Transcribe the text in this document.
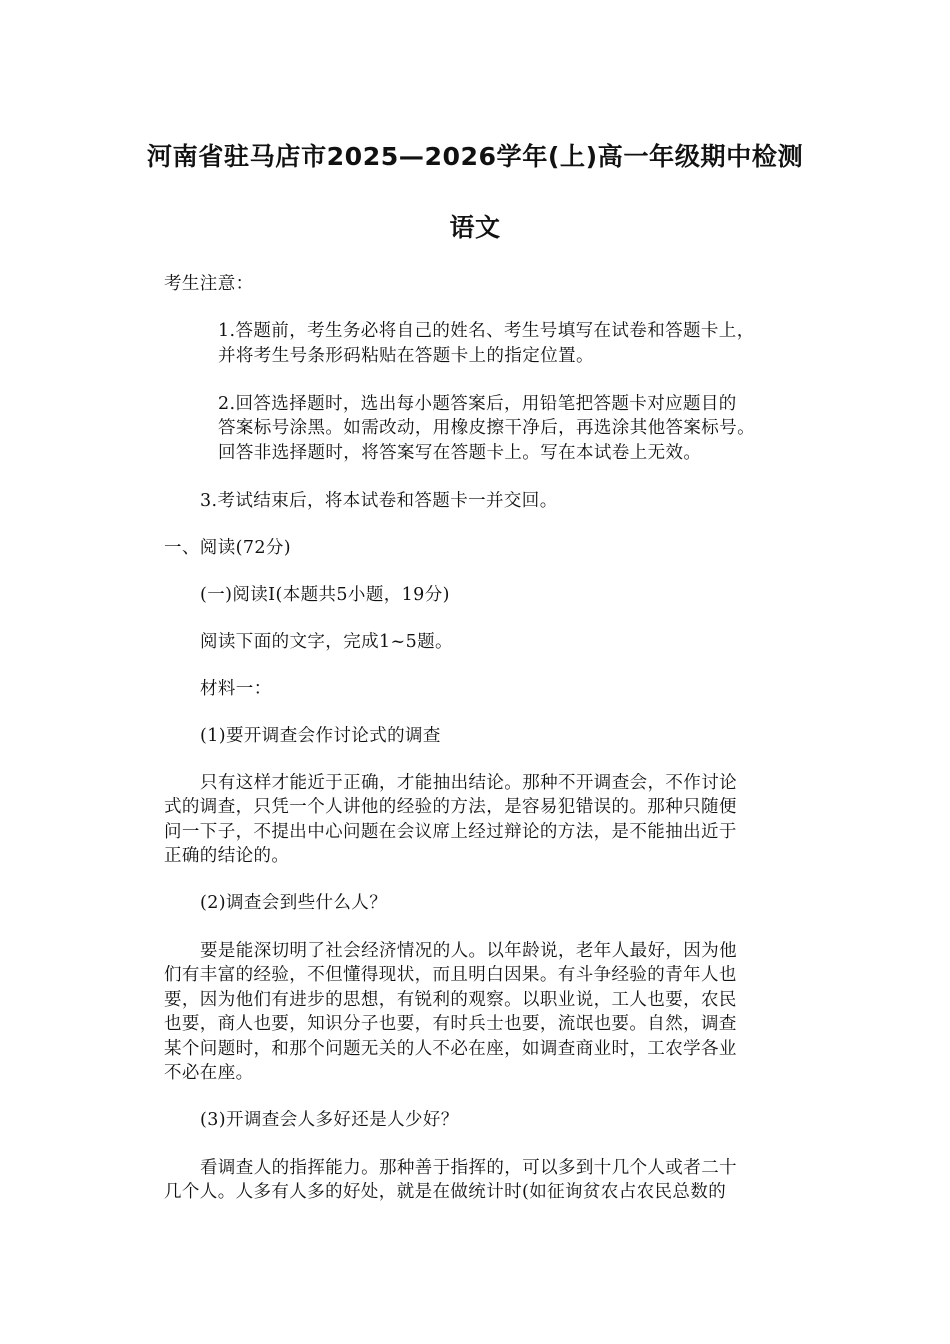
河南省驻马店市2025—2026学年(上)高一年级期中检测
语文
考生注意：
1.答题前，考生务必将自己的姓名、考生号填写在试卷和答题卡上，
并将考生号条形码粘贴在答题卡上的指定位置。
2.回答选择题时，选出每小题答案后，用铅笔把答题卡对应题目的
答案标号涂黑。如需改动，用橡皮擦干净后，再选涂其他答案标号。
回答非选择题时，将答案写在答题卡上。写在本试卷上无效。
3.考试结束后，将本试卷和答题卡一并交回。
一、阅读(72分)
(一)阅读Ⅰ(本题共5小题，19分)
阅读下面的文字，完成1~5题。
材料一：
(1)要开调查会作讨论式的调查
只有这样才能近于正确，才能抽出结论。那种不开调查会，不作讨论
式的调查，只凭一个人讲他的经验的方法，是容易犯错误的。那种只随便
问一下子，不提出中心问题在会议席上经过辩论的方法，是不能抽出近于
正确的结论的。
(2)调查会到些什么人？
要是能深切明了社会经济情况的人。以年龄说，老年人最好，因为他
们有丰富的经验，不但懂得现状，而且明白因果。有斗争经验的青年人也
要，因为他们有进步的思想，有锐利的观察。以职业说，工人也要，农民
也要，商人也要，知识分子也要，有时兵士也要，流氓也要。自然，调查
某个问题时，和那个问题无关的人不必在座，如调查商业时，工农学各业
不必在座。
(3)开调查会人多好还是人少好？
看调查人的指挥能力。那种善于指挥的，可以多到十几个人或者二十
几个人。人多有人多的好处，就是在做统计时(如征询贫农占农民总数的
